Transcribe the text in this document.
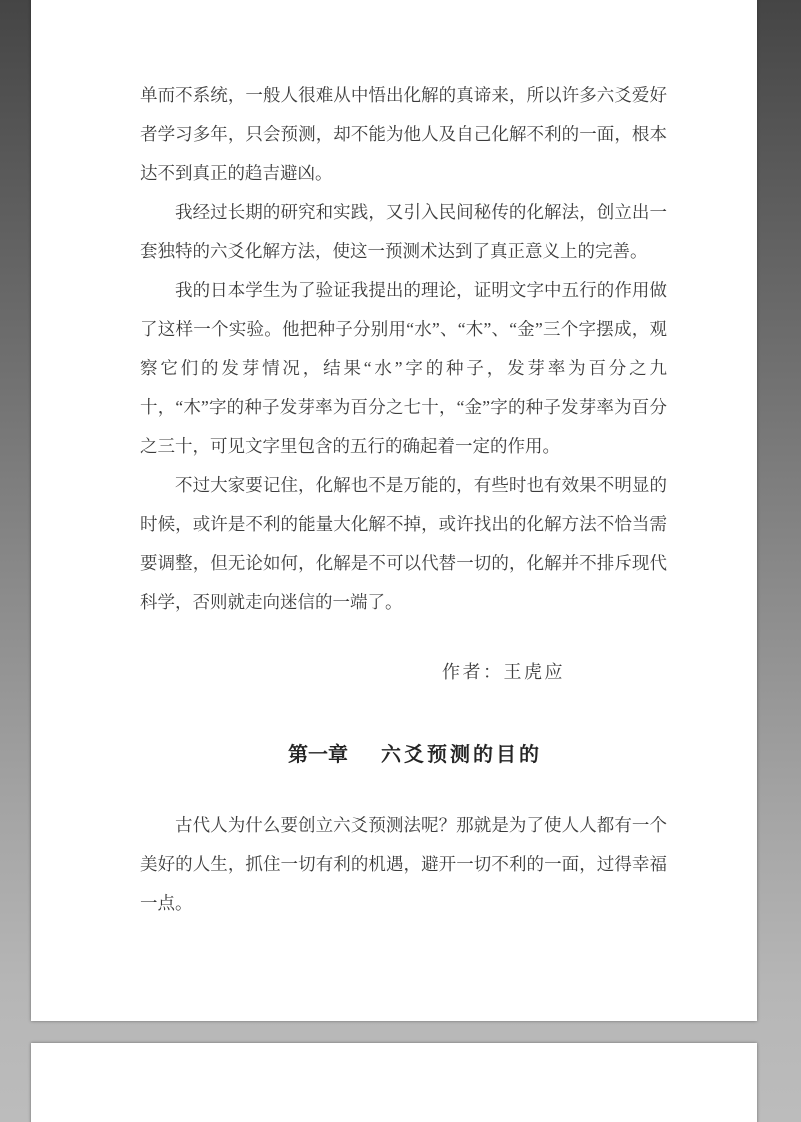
单而不系统，一般人很难从中悟出化解的真谛来，所以许多六爻爱好者学习多年，只会预测，却不能为他人及自己化解不利的一面，根本达不到真正的趋吉避凶。

我经过长期的研究和实践，又引入民间秘传的化解法，创立出一套独特的六爻化解方法，使这一预测术达到了真正意义上的完善。

我的日本学生为了验证我提出的理论，证明文字中五行的作用做了这样一个实验。他把种子分别用“水”、“木”、“金”三个字摆成，观察它们的发芽情况，结果“水”字的种子，发芽率为百分之九十，“木”字的种子发芽率为百分之七十，“金”字的种子发芽率为百分之三十，可见文字里包含的五行的确起着一定的作用。

不过大家要记住，化解也不是万能的，有些时也有效果不明显的时候，或许是不利的能量大化解不掉，或许找出的化解方法不恰当需要调整，但无论如何，化解是不可以代替一切的，化解并不排斥现代科学，否则就走向迷信的一端了。

作者：王虎应

第一章 六爻预测的目的

古代人为什么要创立六爻预测法呢？那就是为了使人人都有一个美好的人生，抓住一切有利的机遇，避开一切不利的一面，过得幸福一点。
